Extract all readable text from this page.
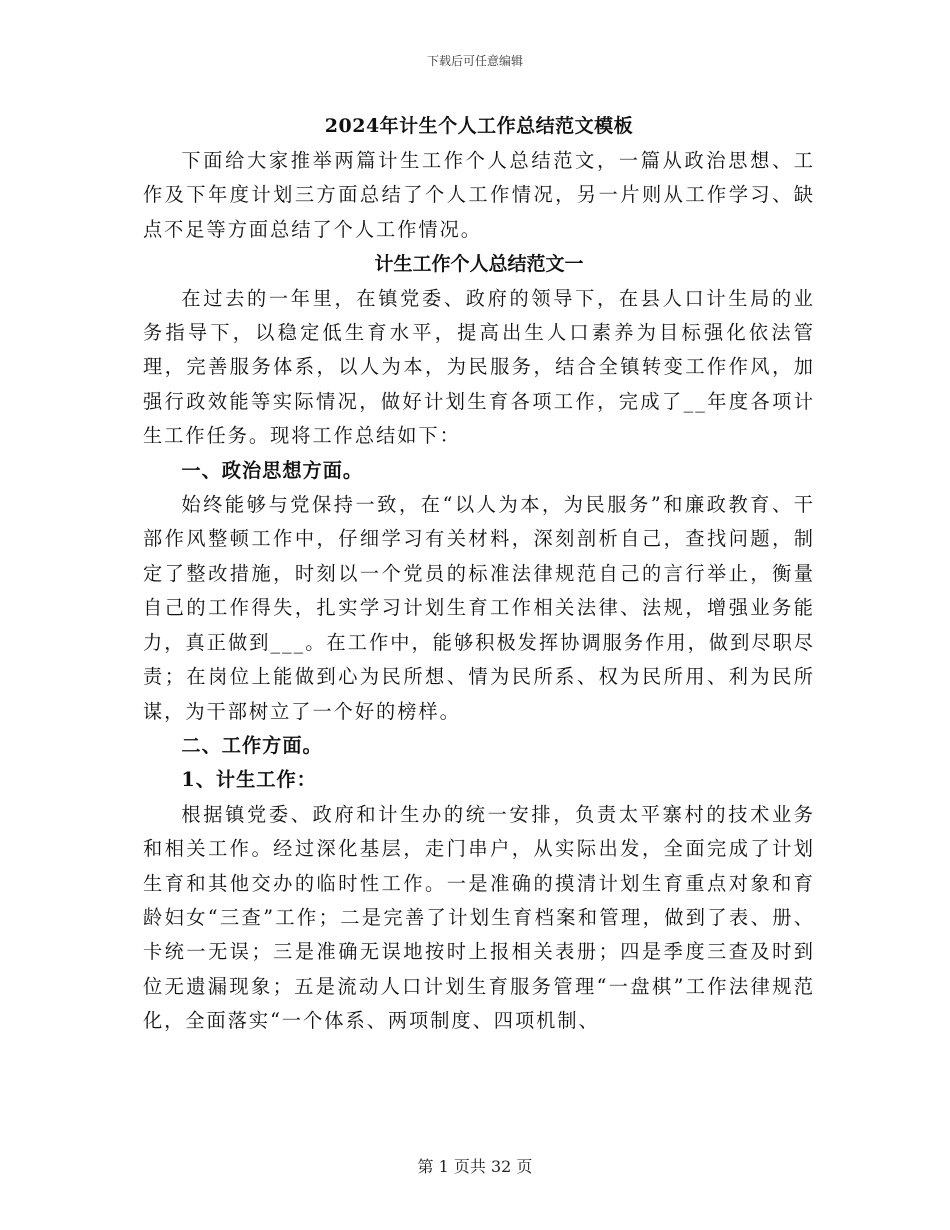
下载后可任意编辑
2024年计生个人工作总结范文模板

下面给大家推举两篇计生工作个人总结范文，一篇从政治思想、工作及下年度计划三方面总结了个人工作情况，另一片则从工作学习、缺点不足等方面总结了个人工作情况。

计生工作个人总结范文一

在过去的一年里，在镇党委、政府的领导下，在县人口计生局的业务指导下，以稳定低生育水平，提高出生人口素养为目标强化依法管理，完善服务体系，以人为本，为民服务，结合全镇转变工作作风，加强行政效能等实际情况，做好计划生育各项工作，完成了__年度各项计生工作任务。现将工作总结如下：

一、政治思想方面。

始终能够与党保持一致，在“以人为本，为民服务”和廉政教育、干部作风整顿工作中，仔细学习有关材料，深刻剖析自己，查找问题，制定了整改措施，时刻以一个党员的标准法律规范自己的言行举止，衡量自己的工作得失，扎实学习计划生育工作相关法律、法规，增强业务能力，真正做到___。在工作中，能够积极发挥协调服务作用，做到尽职尽责；在岗位上能做到心为民所想、情为民所系、权为民所用、利为民所谋，为干部树立了一个好的榜样。

二、工作方面。
1、计生工作：

根据镇党委、政府和计生办的统一安排，负责太平寨村的技术业务和相关工作。经过深化基层，走门串户，从实际出发，全面完成了计划生育和其他交办的临时性工作。一是准确的摸清计划生育重点对象和育龄妇女“三查”工作；二是完善了计划生育档案和管理，做到了表、册、卡统一无误；三是准确无误地按时上报相关表册；四是季度三查及时到位无遗漏现象；五是流动人口计划生育服务管理“一盘棋”工作法律规范化，全面落实“一个体系、两项制度、四项机制、

第 1 页共 32 页
